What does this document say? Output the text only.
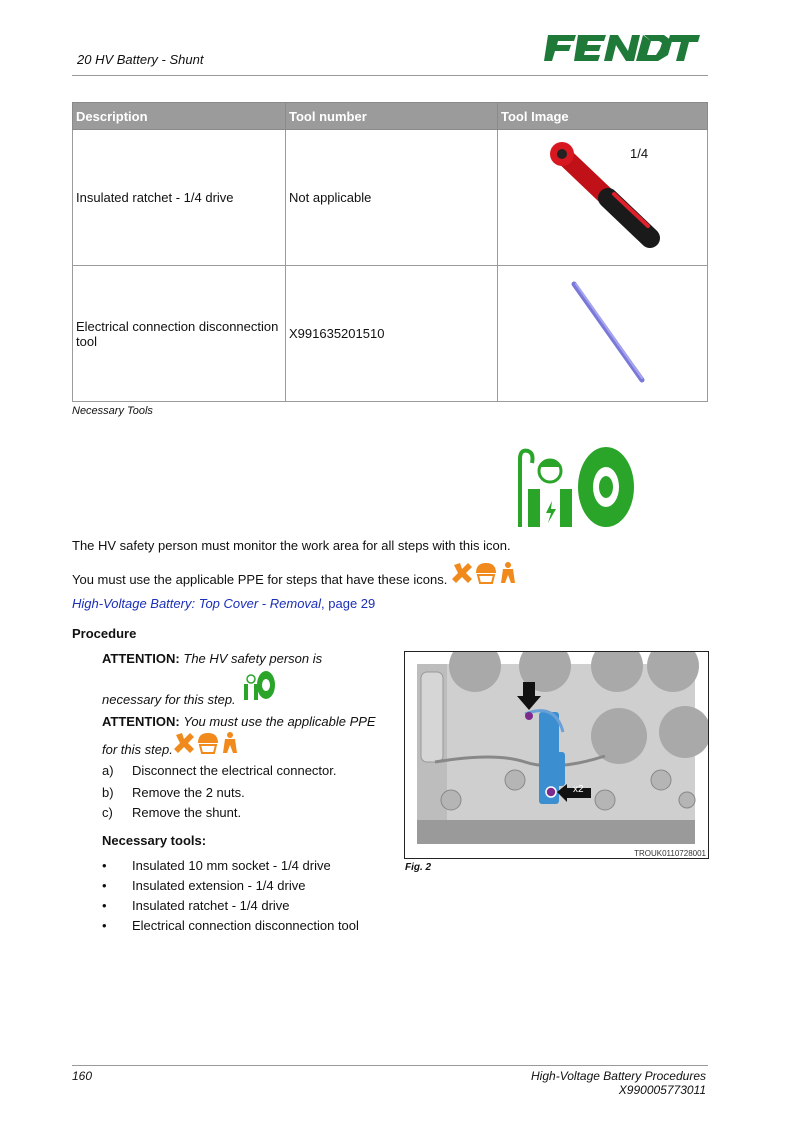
20 HV Battery - Shunt
Description	Tool number	Tool Image
Insulated ratchet - 1/4 drive	Not applicable	1/4

Electrical connection disconnection tool	X991635201510	
Necessary Tools
The HV safety person must monitor the work area for all steps with this icon.
You must use the applicable PPE for steps that have these icons.
High-Voltage Battery: Top Cover - Removal, page 29
Procedure
ATTENTION: The HV safety person is
necessary for this step.
ATTENTION: You must use the applicable PPE
for this step.
a) Disconnect the electrical connector.
b) Remove the 2 nuts.
c) Remove the shunt.
Necessary tools:
• Insulated 10 mm socket - 1/4 drive
• Insulated extension - 1/4 drive
• Insulated ratchet - 1/4 drive
• Electrical connection disconnection tool
x2
TROUK0110728001
Fig. 2
160	High-Voltage Battery Procedures
X990005773011
